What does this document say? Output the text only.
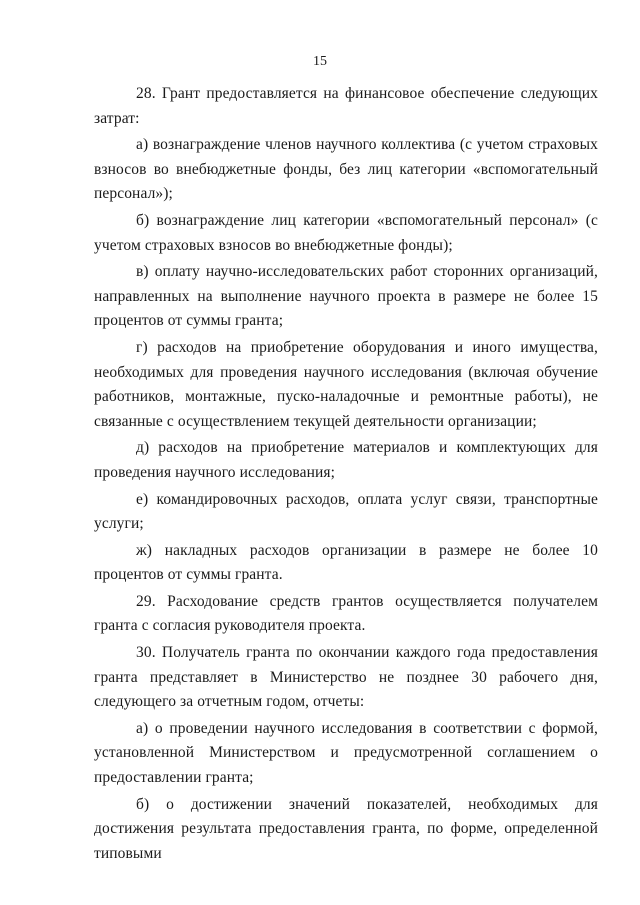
15

28. Грант предоставляется на финансовое обеспечение следующих затрат:

а) вознаграждение членов научного коллектива (с учетом страховых взносов во внебюджетные фонды, без лиц категории «вспомогательный персонал»);

б) вознаграждение лиц категории «вспомогательный персонал» (с учетом страховых взносов во внебюджетные фонды);

в) оплату научно-исследовательских работ сторонних организаций, направленных на выполнение научного проекта в размере не более 15 процентов от суммы гранта;

г) расходов на приобретение оборудования и иного имущества, необходимых для проведения научного исследования (включая обучение работников, монтажные, пуско-наладочные и ремонтные работы), не связанные с осуществлением текущей деятельности организации;

д) расходов на приобретение материалов и комплектующих для проведения научного исследования;

е) командировочных расходов, оплата услуг связи, транспортные услуги;

ж) накладных расходов организации в размере не более 10 процентов от суммы гранта.

29. Расходование средств грантов осуществляется получателем гранта с согласия руководителя проекта.

30. Получатель гранта по окончании каждого года предоставления гранта представляет в Министерство не позднее 30 рабочего дня, следующего за отчетным годом, отчеты:

а) о проведении научного исследования в соответствии с формой, установленной Министерством и предусмотренной соглашением о предоставлении гранта;

б) о достижении значений показателей, необходимых для достижения результата предоставления гранта, по форме, определенной типовыми
